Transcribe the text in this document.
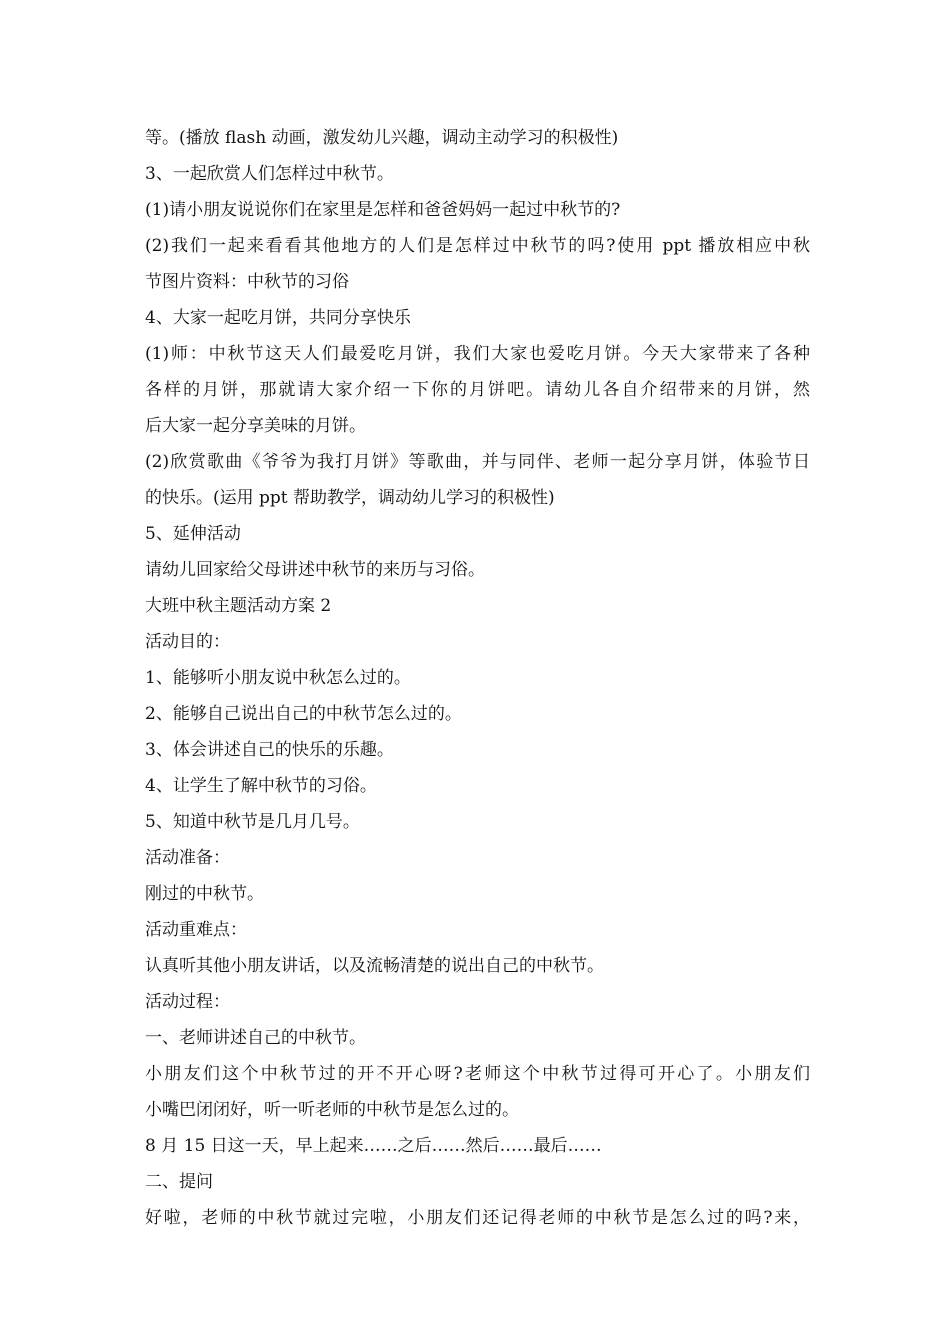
等。(播放 flash 动画，激发幼儿兴趣，调动主动学习的积极性)

3、一起欣赏人们怎样过中秋节。

(1)请小朋友说说你们在家里是怎样和爸爸妈妈一起过中秋节的?

(2)我们一起来看看其他地方的人们是怎样过中秋节的吗?使用 ppt 播放相应中秋

节图片资料：中秋节的习俗

4、大家一起吃月饼，共同分享快乐

(1)师：中秋节这天人们最爱吃月饼，我们大家也爱吃月饼。今天大家带来了各种

各样的月饼，那就请大家介绍一下你的月饼吧。请幼儿各自介绍带来的月饼，然

后大家一起分享美味的月饼。

(2)欣赏歌曲《爷爷为我打月饼》等歌曲，并与同伴、老师一起分享月饼，体验节日

的快乐。(运用 ppt 帮助教学，调动幼儿学习的积极性)

5、延伸活动

请幼儿回家给父母讲述中秋节的来历与习俗。

大班中秋主题活动方案 2

活动目的：

1、能够听小朋友说中秋怎么过的。

2、能够自己说出自己的中秋节怎么过的。

3、体会讲述自己的快乐的乐趣。

4、让学生了解中秋节的习俗。

5、知道中秋节是几月几号。

活动准备：

刚过的中秋节。

活动重难点：

认真听其他小朋友讲话，以及流畅清楚的说出自己的中秋节。

活动过程：

一、老师讲述自己的中秋节。

小朋友们这个中秋节过的开不开心呀?老师这个中秋节过得可开心了。小朋友们

小嘴巴闭闭好，听一听老师的中秋节是怎么过的。

8 月 15 日这一天，早上起来……之后……然后……最后……

二、提问

好啦，老师的中秋节就过完啦，小朋友们还记得老师的中秋节是怎么过的吗?来，
